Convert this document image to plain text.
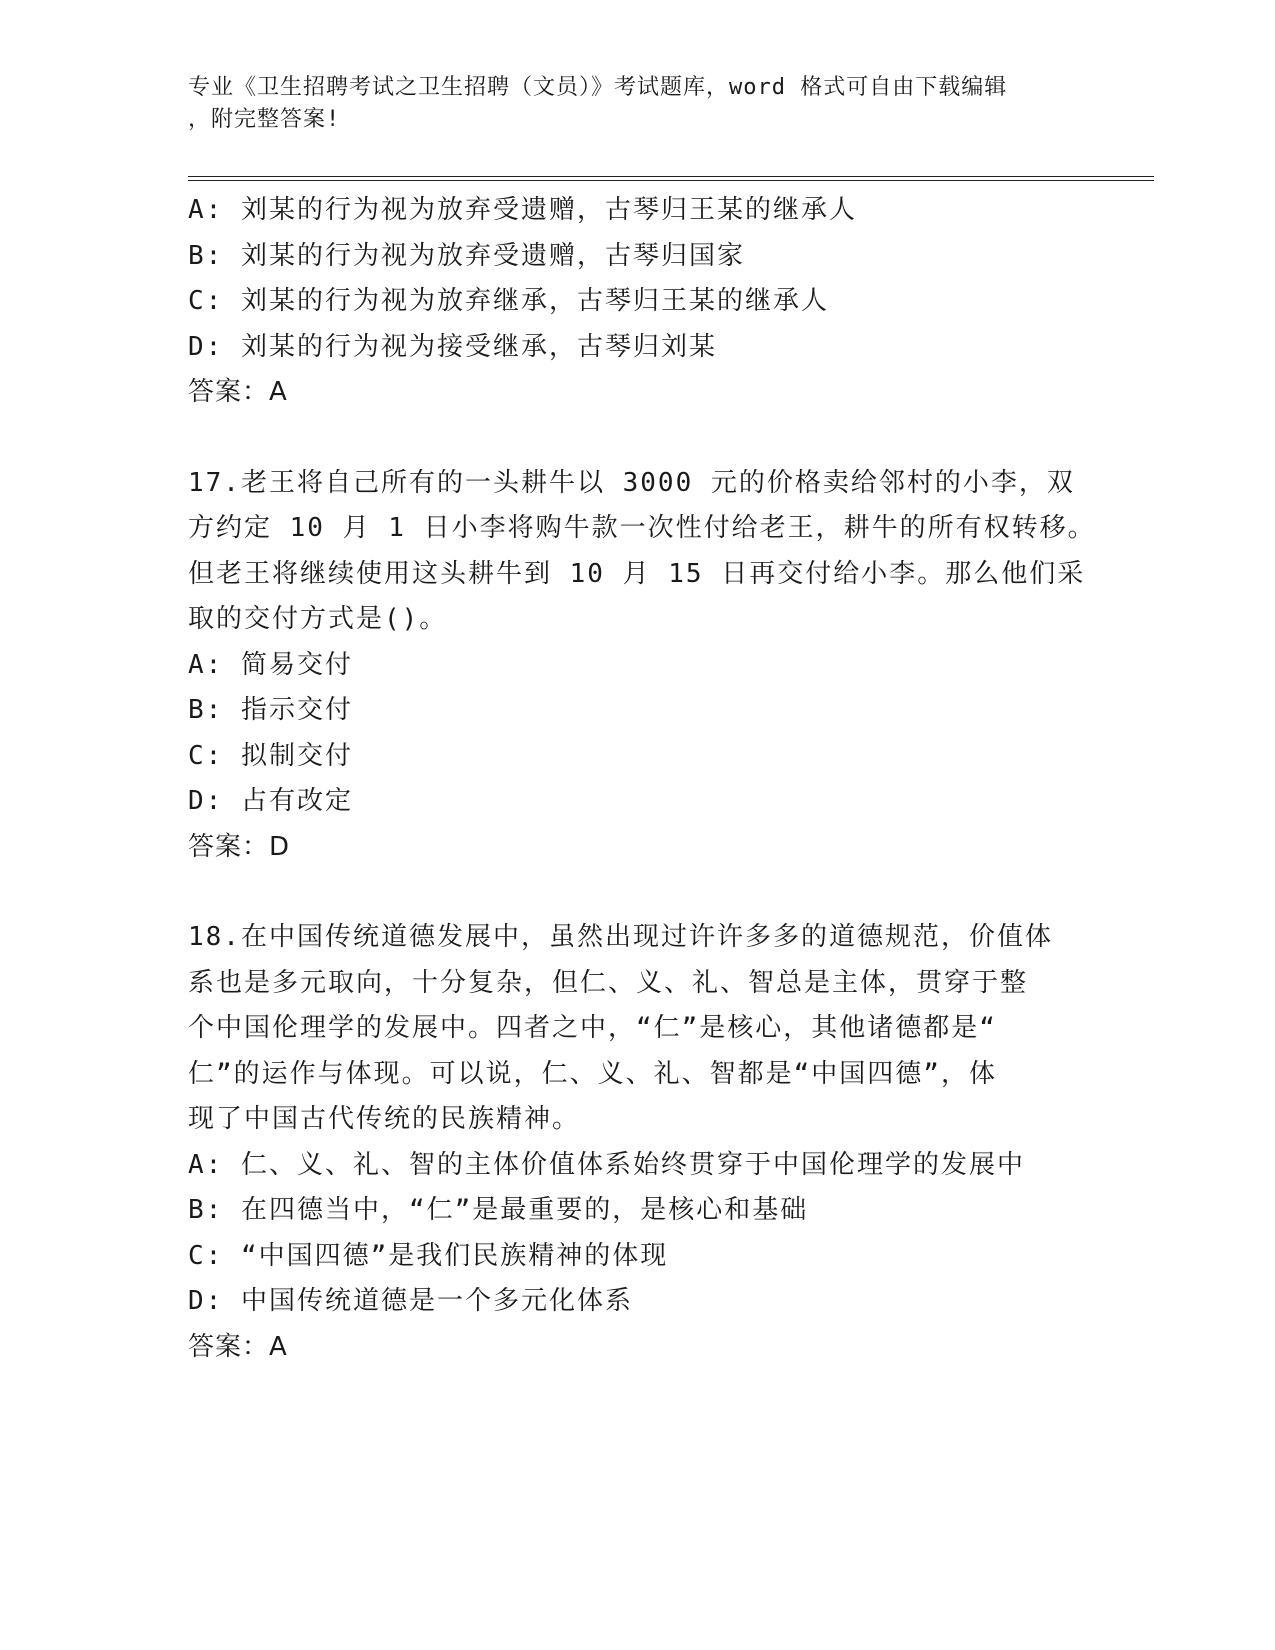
专业《卫生招聘考试之卫生招聘（文员）》考试题库，word 格式可自由下载编辑
，附完整答案!
A: 刘某的行为视为放弃受遗赠，古琴归王某的继承人
B: 刘某的行为视为放弃受遗赠，古琴归国家
C: 刘某的行为视为放弃继承，古琴归王某的继承人
D: 刘某的行为视为接受继承，古琴归刘某
答案：A
17.老王将自己所有的一头耕牛以 3000 元的价格卖给邻村的小李，双
方约定 10 月 1 日小李将购牛款一次性付给老王，耕牛的所有权转移。
但老王将继续使用这头耕牛到 10 月 15 日再交付给小李。那么他们采
取的交付方式是()。
A: 简易交付
B: 指示交付
C: 拟制交付
D: 占有改定
答案：D
18.在中国传统道德发展中，虽然出现过许许多多的道德规范，价值体
系也是多元取向，十分复杂，但仁、义、礼、智总是主体，贯穿于整
个中国伦理学的发展中。四者之中，“仁”是核心，其他诸德都是“
仁”的运作与体现。可以说，仁、义、礼、智都是“中国四德”，体
现了中国古代传统的民族精神。
A: 仁、义、礼、智的主体价值体系始终贯穿于中国伦理学的发展中
B: 在四德当中，“仁”是最重要的，是核心和基础
C: “中国四德”是我们民族精神的体现
D: 中国传统道德是一个多元化体系
答案：A
